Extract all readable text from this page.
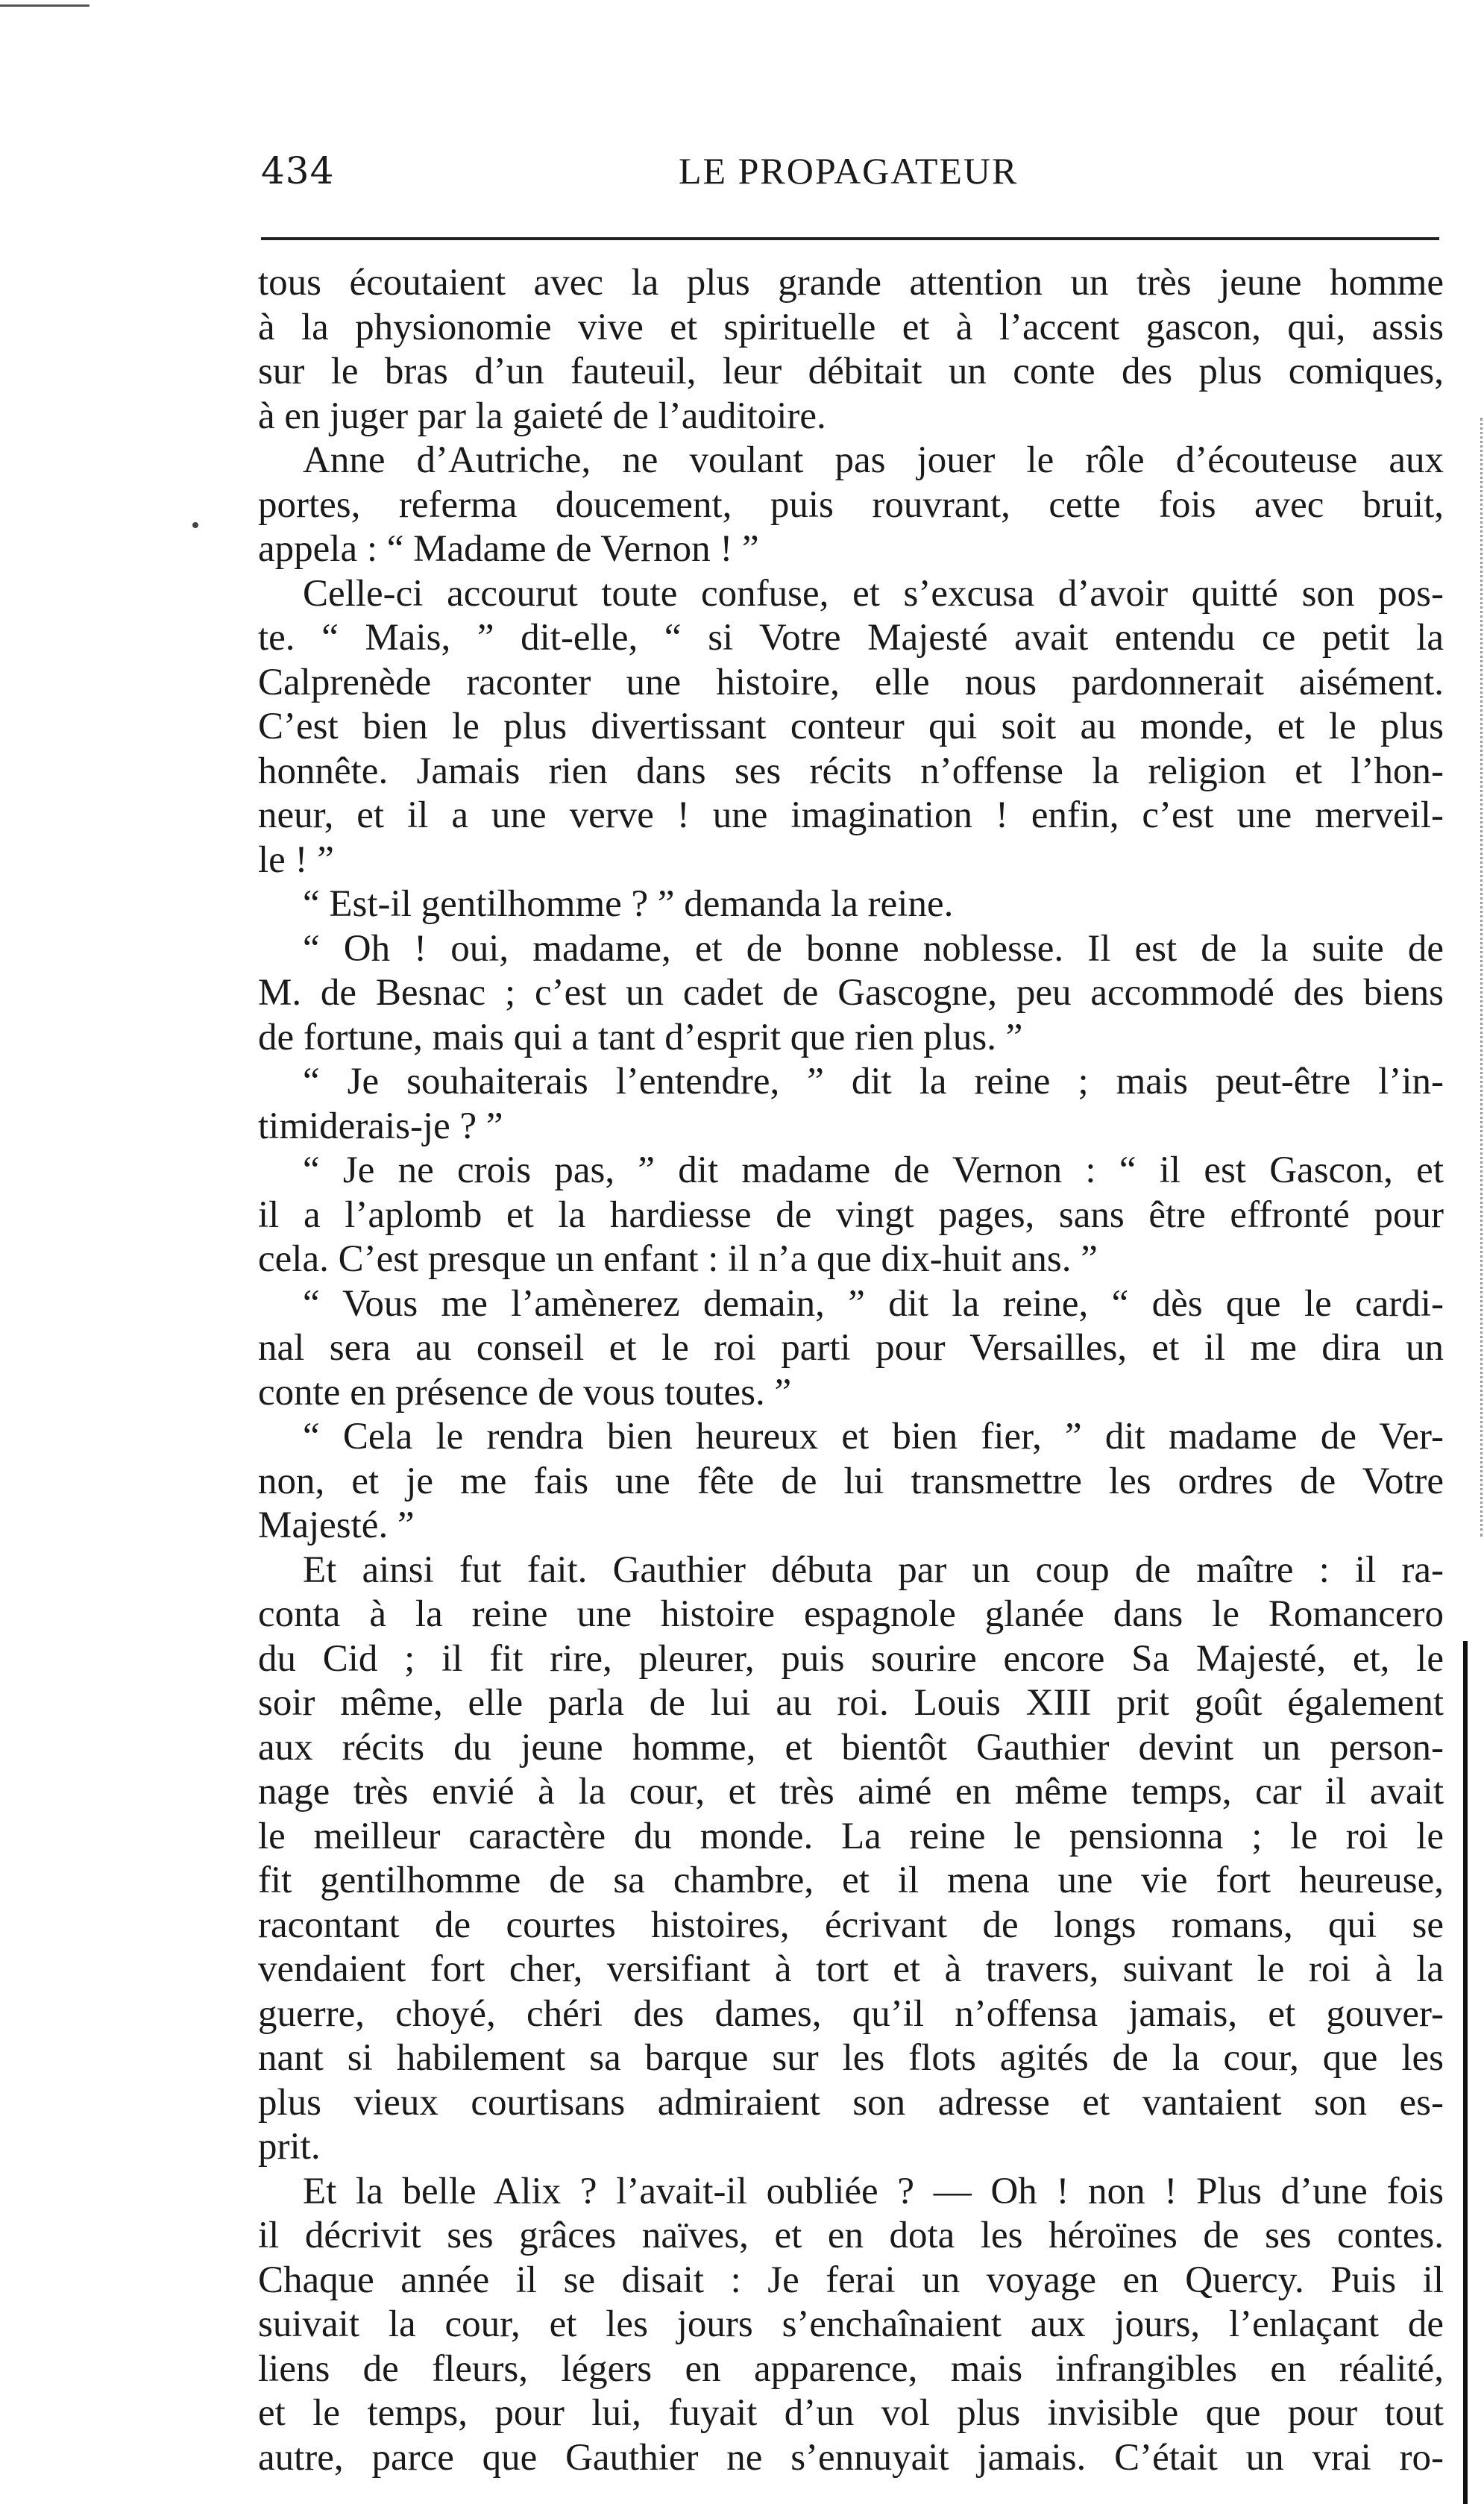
434	LE PROPAGATEUR
tous écoutaient avec la plus grande attention un très jeune homme
à la physionomie vive et spirituelle et à l’accent gascon, qui, assis
sur le bras d’un fauteuil, leur débitait un conte des plus comiques,
à en juger par la gaieté de l’auditoire.
Anne d’Autriche, ne voulant pas jouer le rôle d’écouteuse aux
portes, referma doucement, puis rouvrant, cette fois avec bruit,
appela : “ Madame de Vernon ! ”
Celle-ci accourut toute confuse, et s’excusa d’avoir quitté son pos-
te. “ Mais, ” dit-elle, “ si Votre Majesté avait entendu ce petit la
Calprenède raconter une histoire, elle nous pardonnerait aisément.
C’est bien le plus divertissant conteur qui soit au monde, et le plus
honnête. Jamais rien dans ses récits n’offense la religion et l’hon-
neur, et il a une verve ! une imagination ! enfin, c’est une merveil-
le ! ”
“ Est-il gentilhomme ? ” demanda la reine.
“ Oh ! oui, madame, et de bonne noblesse. Il est de la suite de
M. de Besnac ; c’est un cadet de Gascogne, peu accommodé des biens
de fortune, mais qui a tant d’esprit que rien plus. ”
“ Je souhaiterais l’entendre, ” dit la reine ; mais peut-être l’in-
timiderais-je ? ”
“ Je ne crois pas, ” dit madame de Vernon : “ il est Gascon, et
il a l’aplomb et la hardiesse de vingt pages, sans être effronté pour
cela. C’est presque un enfant : il n’a que dix-huit ans. ”
“ Vous me l’amènerez demain, ” dit la reine, “ dès que le cardi-
nal sera au conseil et le roi parti pour Versailles, et il me dira un
conte en présence de vous toutes. ”
“ Cela le rendra bien heureux et bien fier, ” dit madame de Ver-
non, et je me fais une fête de lui transmettre les ordres de Votre
Majesté. ”
Et ainsi fut fait. Gauthier débuta par un coup de maître : il ra-
conta à la reine une histoire espagnole glanée dans le Romancero
du Cid ; il fit rire, pleurer, puis sourire encore Sa Majesté, et, le
soir même, elle parla de lui au roi. Louis XIII prit goût également
aux récits du jeune homme, et bientôt Gauthier devint un person-
nage très envié à la cour, et très aimé en même temps, car il avait
le meilleur caractère du monde. La reine le pensionna ; le roi le
fit gentilhomme de sa chambre, et il mena une vie fort heureuse,
racontant de courtes histoires, écrivant de longs romans, qui se
vendaient fort cher, versifiant à tort et à travers, suivant le roi à la
guerre, choyé, chéri des dames, qu’il n’offensa jamais, et gouver-
nant si habilement sa barque sur les flots agités de la cour, que les
plus vieux courtisans admiraient son adresse et vantaient son es-
prit.
Et la belle Alix ? l’avait-il oubliée ? — Oh ! non ! Plus d’une fois
il décrivit ses grâces naïves, et en dota les héroïnes de ses contes.
Chaque année il se disait : Je ferai un voyage en Quercy. Puis il
suivait la cour, et les jours s’enchaînaient aux jours, l’enlaçant de
liens de fleurs, légers en apparence, mais infrangibles en réalité,
et le temps, pour lui, fuyait d’un vol plus invisible que pour tout
autre, parce que Gauthier ne s’ennuyait jamais. C’était un vrai ro-
